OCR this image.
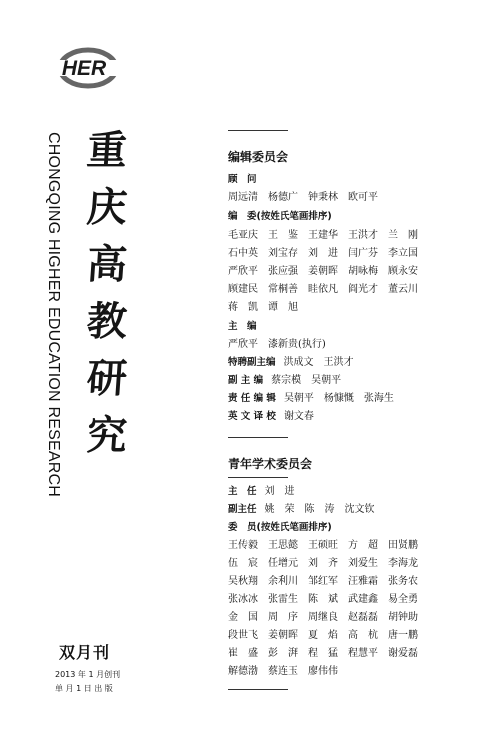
HER
CHONGQING HIGHER EDUCATION RESEARCH 重
庆
高
教
研
究
双月刊
2013 年 1 月创刊
单 月 1 日 出 版
编辑委员会
顾　问
周远清　杨德广　钟秉林　欧可平
编　委(按姓氏笔画排序)
毛亚庆　王　鉴　王建华　王洪才　兰　刚
石中英　刘宝存　刘　进　闫广芬　李立国
严欣平　张应强　姜朝晖　胡咏梅　顾永安
顾建民　常桐善　眭依凡　阎光才　董云川
蒋　凯　谭　旭
主　编
严欣平　漆新贵(执行)
特聘副主编 洪成文　王洪才
副 主 编 蔡宗模　吴朝平
责 任 编 辑 吴朝平　杨慷慨　张海生
英 文 译 校 谢文春
青年学术委员会
主　任 刘　进
副主任 姚　荣　陈　涛　沈文钦
委　员(按姓氏笔画排序)
王传毅　王思懿　王硕旺　方　超　田贤鹏
伍　宸　任增元　刘　齐　刘爱生　李海龙
吴秋翔　余利川　邹红军　汪雅霜　张务农
张冰冰　张雷生　陈　斌　武建鑫　易全勇
金　国　周　序　周继良　赵磊磊　胡钟助
段世飞　姜朝晖　夏　焰　高　杭　唐一鹏
崔　盛　彭　湃　程　猛　程慧平　谢爱磊
解德渤　蔡连玉　廖伟伟
